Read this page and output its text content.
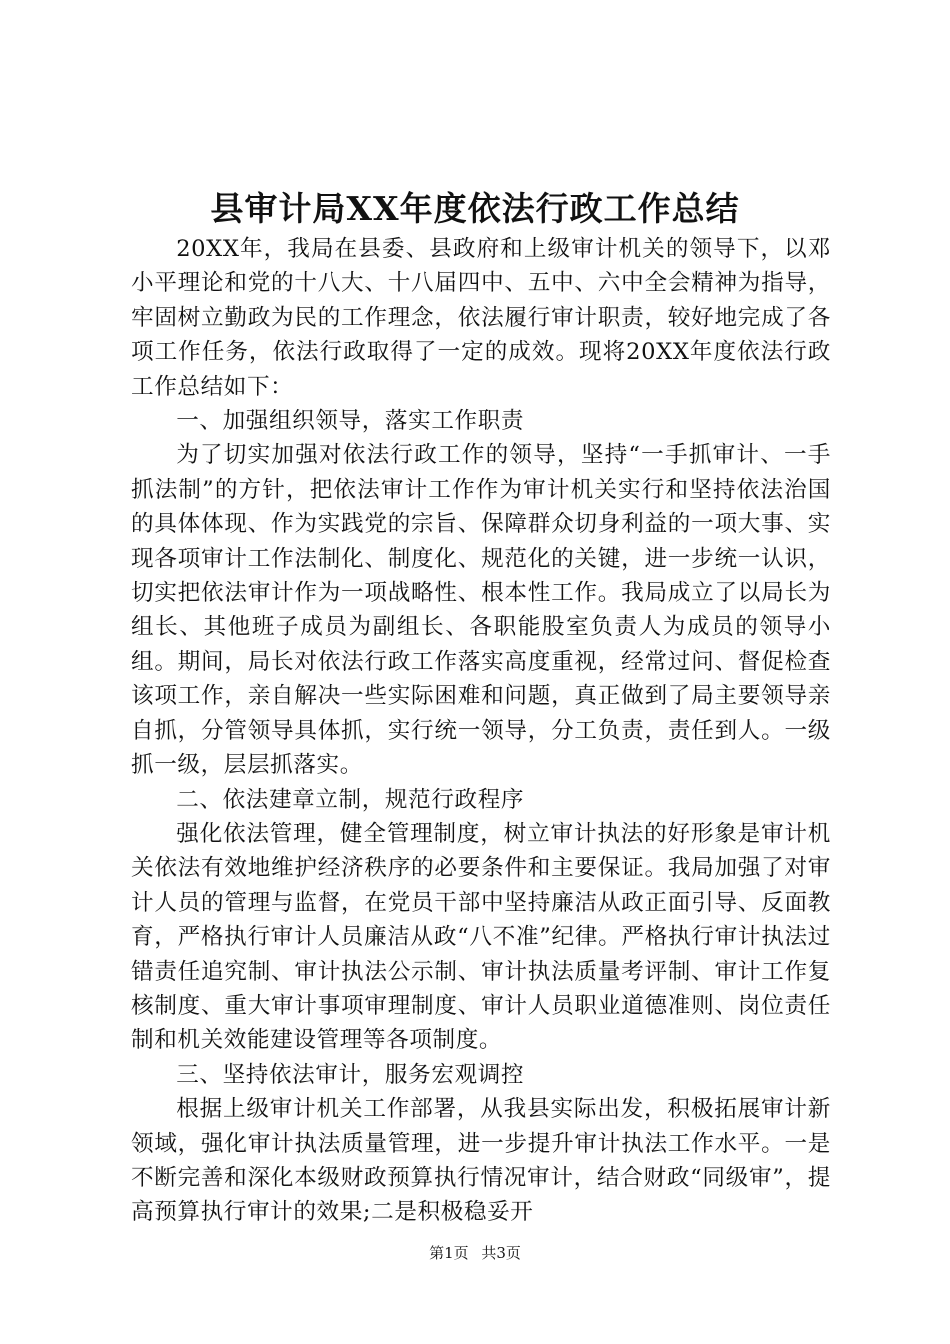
县审计局XX年度依法行政工作总结

20XX年，我局在县委、县政府和上级审计机关的领导下，以邓小平理论和党的十八大、十八届四中、五中、六中全会精神为指导，牢固树立勤政为民的工作理念，依法履行审计职责，较好地完成了各项工作任务，依法行政取得了一定的成效。现将20XX年度依法行政工作总结如下：

一、加强组织领导，落实工作职责

为了切实加强对依法行政工作的领导，坚持“一手抓审计、一手抓法制”的方针，把依法审计工作作为审计机关实行和坚持依法治国的具体体现、作为实践党的宗旨、保障群众切身利益的一项大事、实现各项审计工作法制化、制度化、规范化的关键，进一步统一认识，切实把依法审计作为一项战略性、根本性工作。我局成立了以局长为组长、其他班子成员为副组长、各职能股室负责人为成员的领导小组。期间，局长对依法行政工作落实高度重视，经常过问、督促检查该项工作，亲自解决一些实际困难和问题，真正做到了局主要领导亲自抓，分管领导具体抓，实行统一领导，分工负责，责任到人。一级抓一级，层层抓落实。

二、依法建章立制，规范行政程序

强化依法管理，健全管理制度，树立审计执法的好形象是审计机关依法有效地维护经济秩序的必要条件和主要保证。我局加强了对审计人员的管理与监督，在党员干部中坚持廉洁从政正面引导、反面教育，严格执行审计人员廉洁从政“八不准”纪律。严格执行审计执法过错责任追究制、审计执法公示制、审计执法质量考评制、审计工作复核制度、重大审计事项审理制度、审计人员职业道德准则、岗位责任制和机关效能建设管理等各项制度。

三、坚持依法审计，服务宏观调控

根据上级审计机关工作部署，从我县实际出发，积极拓展审计新领域，强化审计执法质量管理，进一步提升审计执法工作水平。一是不断完善和深化本级财政预算执行情况审计，结合财政“同级审”，提高预算执行审计的效果;二是积极稳妥开

第1页 共3页
